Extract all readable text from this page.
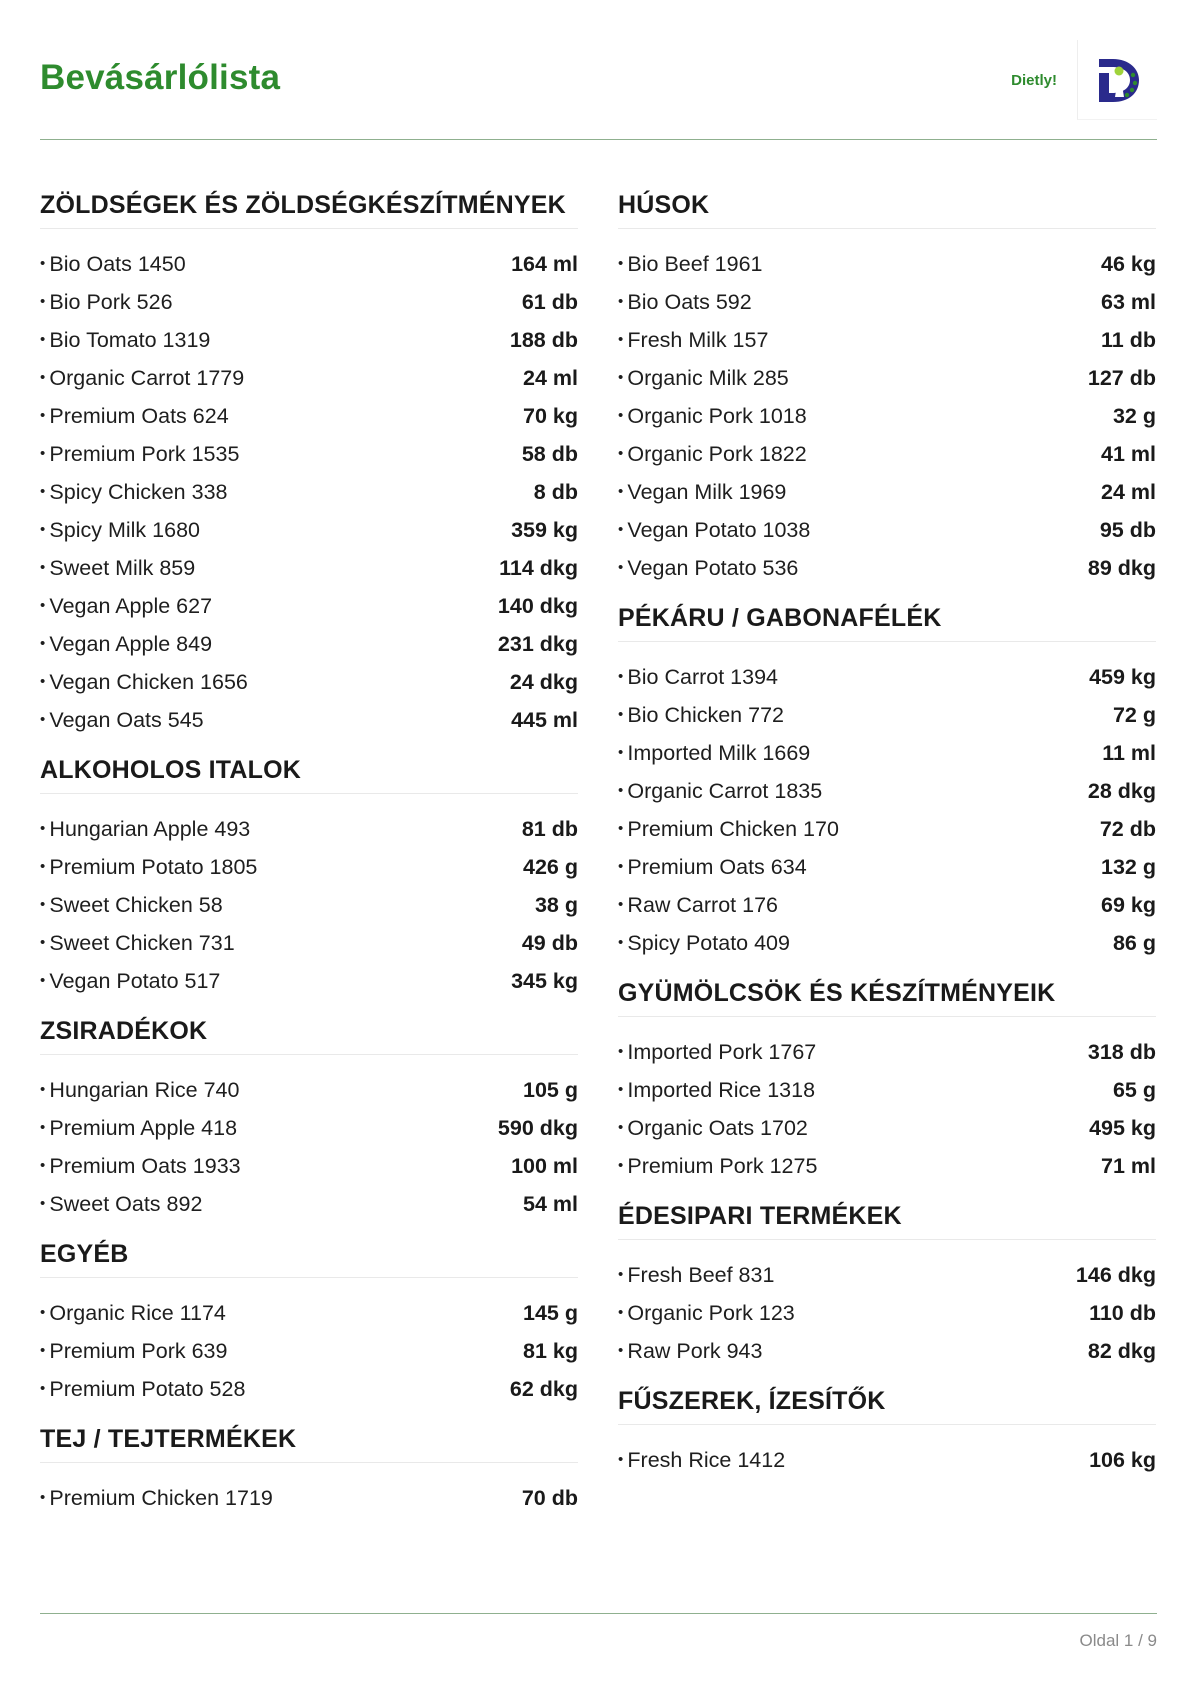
Bevásárlólista	Dietly!
ZÖLDSÉGEK ÉS ZÖLDSÉGKÉSZÍTMÉNYEK
• Bio Oats 1450	164 ml
• Bio Pork 526	61 db
• Bio Tomato 1319	188 db
• Organic Carrot 1779	24 ml
• Premium Oats 624	70 kg
• Premium Pork 1535	58 db
• Spicy Chicken 338	8 db
• Spicy Milk 1680	359 kg
• Sweet Milk 859	114 dkg
• Vegan Apple 627	140 dkg
• Vegan Apple 849	231 dkg
• Vegan Chicken 1656	24 dkg
• Vegan Oats 545	445 ml
ALKOHOLOS ITALOK
• Hungarian Apple 493	81 db
• Premium Potato 1805	426 g
• Sweet Chicken 58	38 g
• Sweet Chicken 731	49 db
• Vegan Potato 517	345 kg
ZSIRADÉKOK
• Hungarian Rice 740	105 g
• Premium Apple 418	590 dkg
• Premium Oats 1933	100 ml
• Sweet Oats 892	54 ml
EGYÉB
• Organic Rice 1174	145 g
• Premium Pork 639	81 kg
• Premium Potato 528	62 dkg
TEJ / TEJTERMÉKEK
• Premium Chicken 1719	70 db
HÚSOK
• Bio Beef 1961	46 kg
• Bio Oats 592	63 ml
• Fresh Milk 157	11 db
• Organic Milk 285	127 db
• Organic Pork 1018	32 g
• Organic Pork 1822	41 ml
• Vegan Milk 1969	24 ml
• Vegan Potato 1038	95 db
• Vegan Potato 536	89 dkg
PÉKÁRU / GABONAFÉLÉK
• Bio Carrot 1394	459 kg
• Bio Chicken 772	72 g
• Imported Milk 1669	11 ml
• Organic Carrot 1835	28 dkg
• Premium Chicken 170	72 db
• Premium Oats 634	132 g
• Raw Carrot 176	69 kg
• Spicy Potato 409	86 g
GYÜMÖLCSÖK ÉS KÉSZÍTMÉNYEIK
• Imported Pork 1767	318 db
• Imported Rice 1318	65 g
• Organic Oats 1702	495 kg
• Premium Pork 1275	71 ml
ÉDESIPARI TERMÉKEK
• Fresh Beef 831	146 dkg
• Organic Pork 123	110 db
• Raw Pork 943	82 dkg
FŰSZEREK, ÍZESÍTŐK
• Fresh Rice 1412	106 kg
Oldal 1 / 9
